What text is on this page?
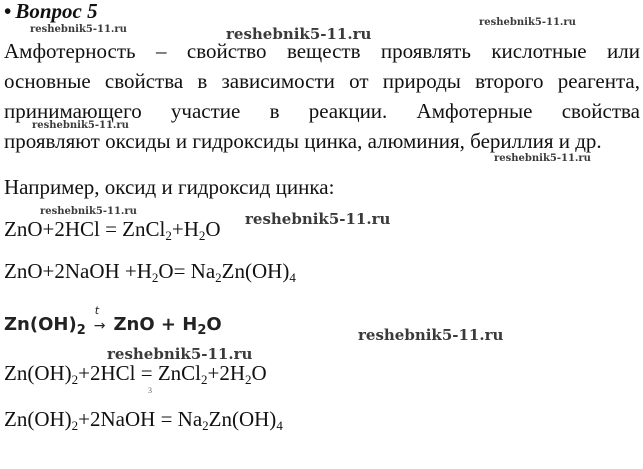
• Вопрос 5
Амфотерность – свойство веществ проявлять кислотные или
основные свойства в зависимости от природы второго реагента,
принимающего участие в реакции. Амфотерные свойства
проявляют оксиды и гидроксиды цинка, алюминия, бериллия и др.
Например, оксид и гидроксид цинка:
$ZnO+2HCl = ZnCl_2+H_2O$
ZnO+2NaOH $+H_2O= Na_2Zn(OH)_4$
$Zn(OH)_2$
t
→ ZnO + $H_2O$
$Zn(OH)_2+2HCl$ = $ZnCl_2+2H_2O$
3
$Zn(OH)_2+2NaOH = Na_2Zn(OH)_4$
reshebnik5-11.ru	reshebnik5-11.ru
reshebnik5-11.ru
reshebnik5-11.ru
reshebnik5-11.ru
reshebnik5-11.ru	reshebnik5-11.ru
reshebnik5-11.ru
reshebnik5-11.ru
